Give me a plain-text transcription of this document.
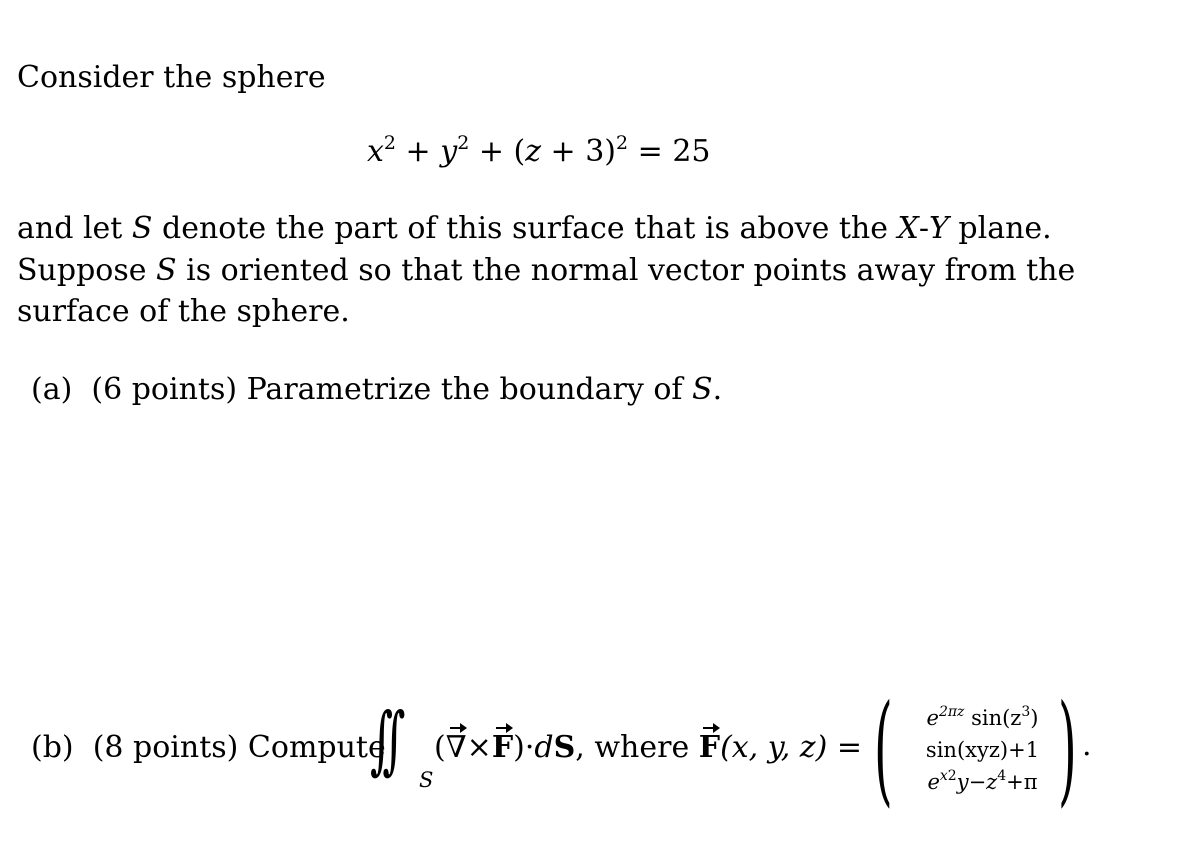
Consider the sphere
$x^2 + y^2 + (z + 3)^2 = 25$
and let S denote the part of this surface that is above the X-Y plane.
Suppose S is oriented so that the normal vector points away from the
surface of the sphere.
(a) (6 points) Parametrize the boundary of S.
(b) (8 points) Compute
∫∫ S
(∇×F)·dS, where F(x, y, z) = (	$e^{2\pi z}$ $\sin(z^3)$
sin(xyz)+1
$e^{x2}y-z^4+\pi$ ) .
